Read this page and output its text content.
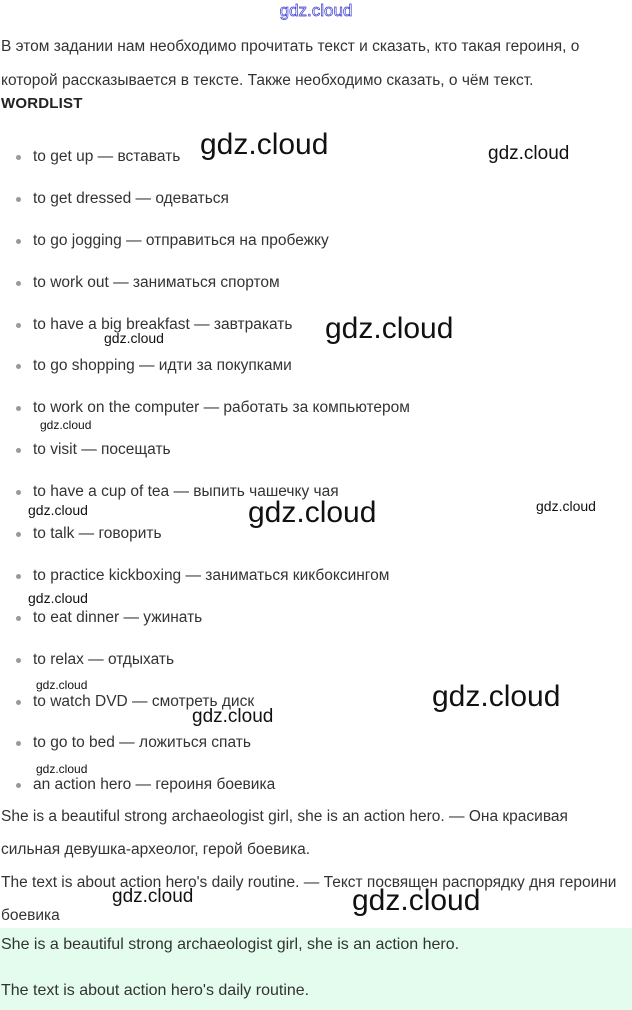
gdz.cloud

В этом задании нам необходимо прочитать текст и сказать, кто такая героиня, о которой рассказывается в тексте. Также необходимо сказать, о чём текст.

WORDLIST
to get up — вставать
to get dressed — одеваться
to go jogging — отправиться на пробежку
to work out — заниматься спортом
to have a big breakfast — завтракать
to go shopping — идти за покупками
to work on the computer — работать за компьютером
to visit — посещать
to have a cup of tea — выпить чашечку чая
to talk — говорить
to practice kickboxing — заниматься кикбоксингом
to eat dinner — ужинать
to relax — отдыхать
to watch DVD — смотреть диск
to go to bed — ложиться спать
an action hero — героиня боевика
She is a beautiful strong archaeologist girl, she is an action hero. — Она красивая сильная девушка-археолог, герой боевика.
The text is about action hero's daily routine. — Текст посвящен распорядку дня героини боевика
She is a beautiful strong archaeologist girl, she is an action hero.
The text is about action hero's daily routine.
gdz.cloud	gdz.cloud
gdz.cloud
gdz.cloud
gdz.cloud
gdz.cloud
gdz.cloud	gdz.cloud
gdz.cloud
gdz.cloud	gdz.cloud
gdz.cloud
gdz.cloud
gdz.cloud	gdz.cloud
